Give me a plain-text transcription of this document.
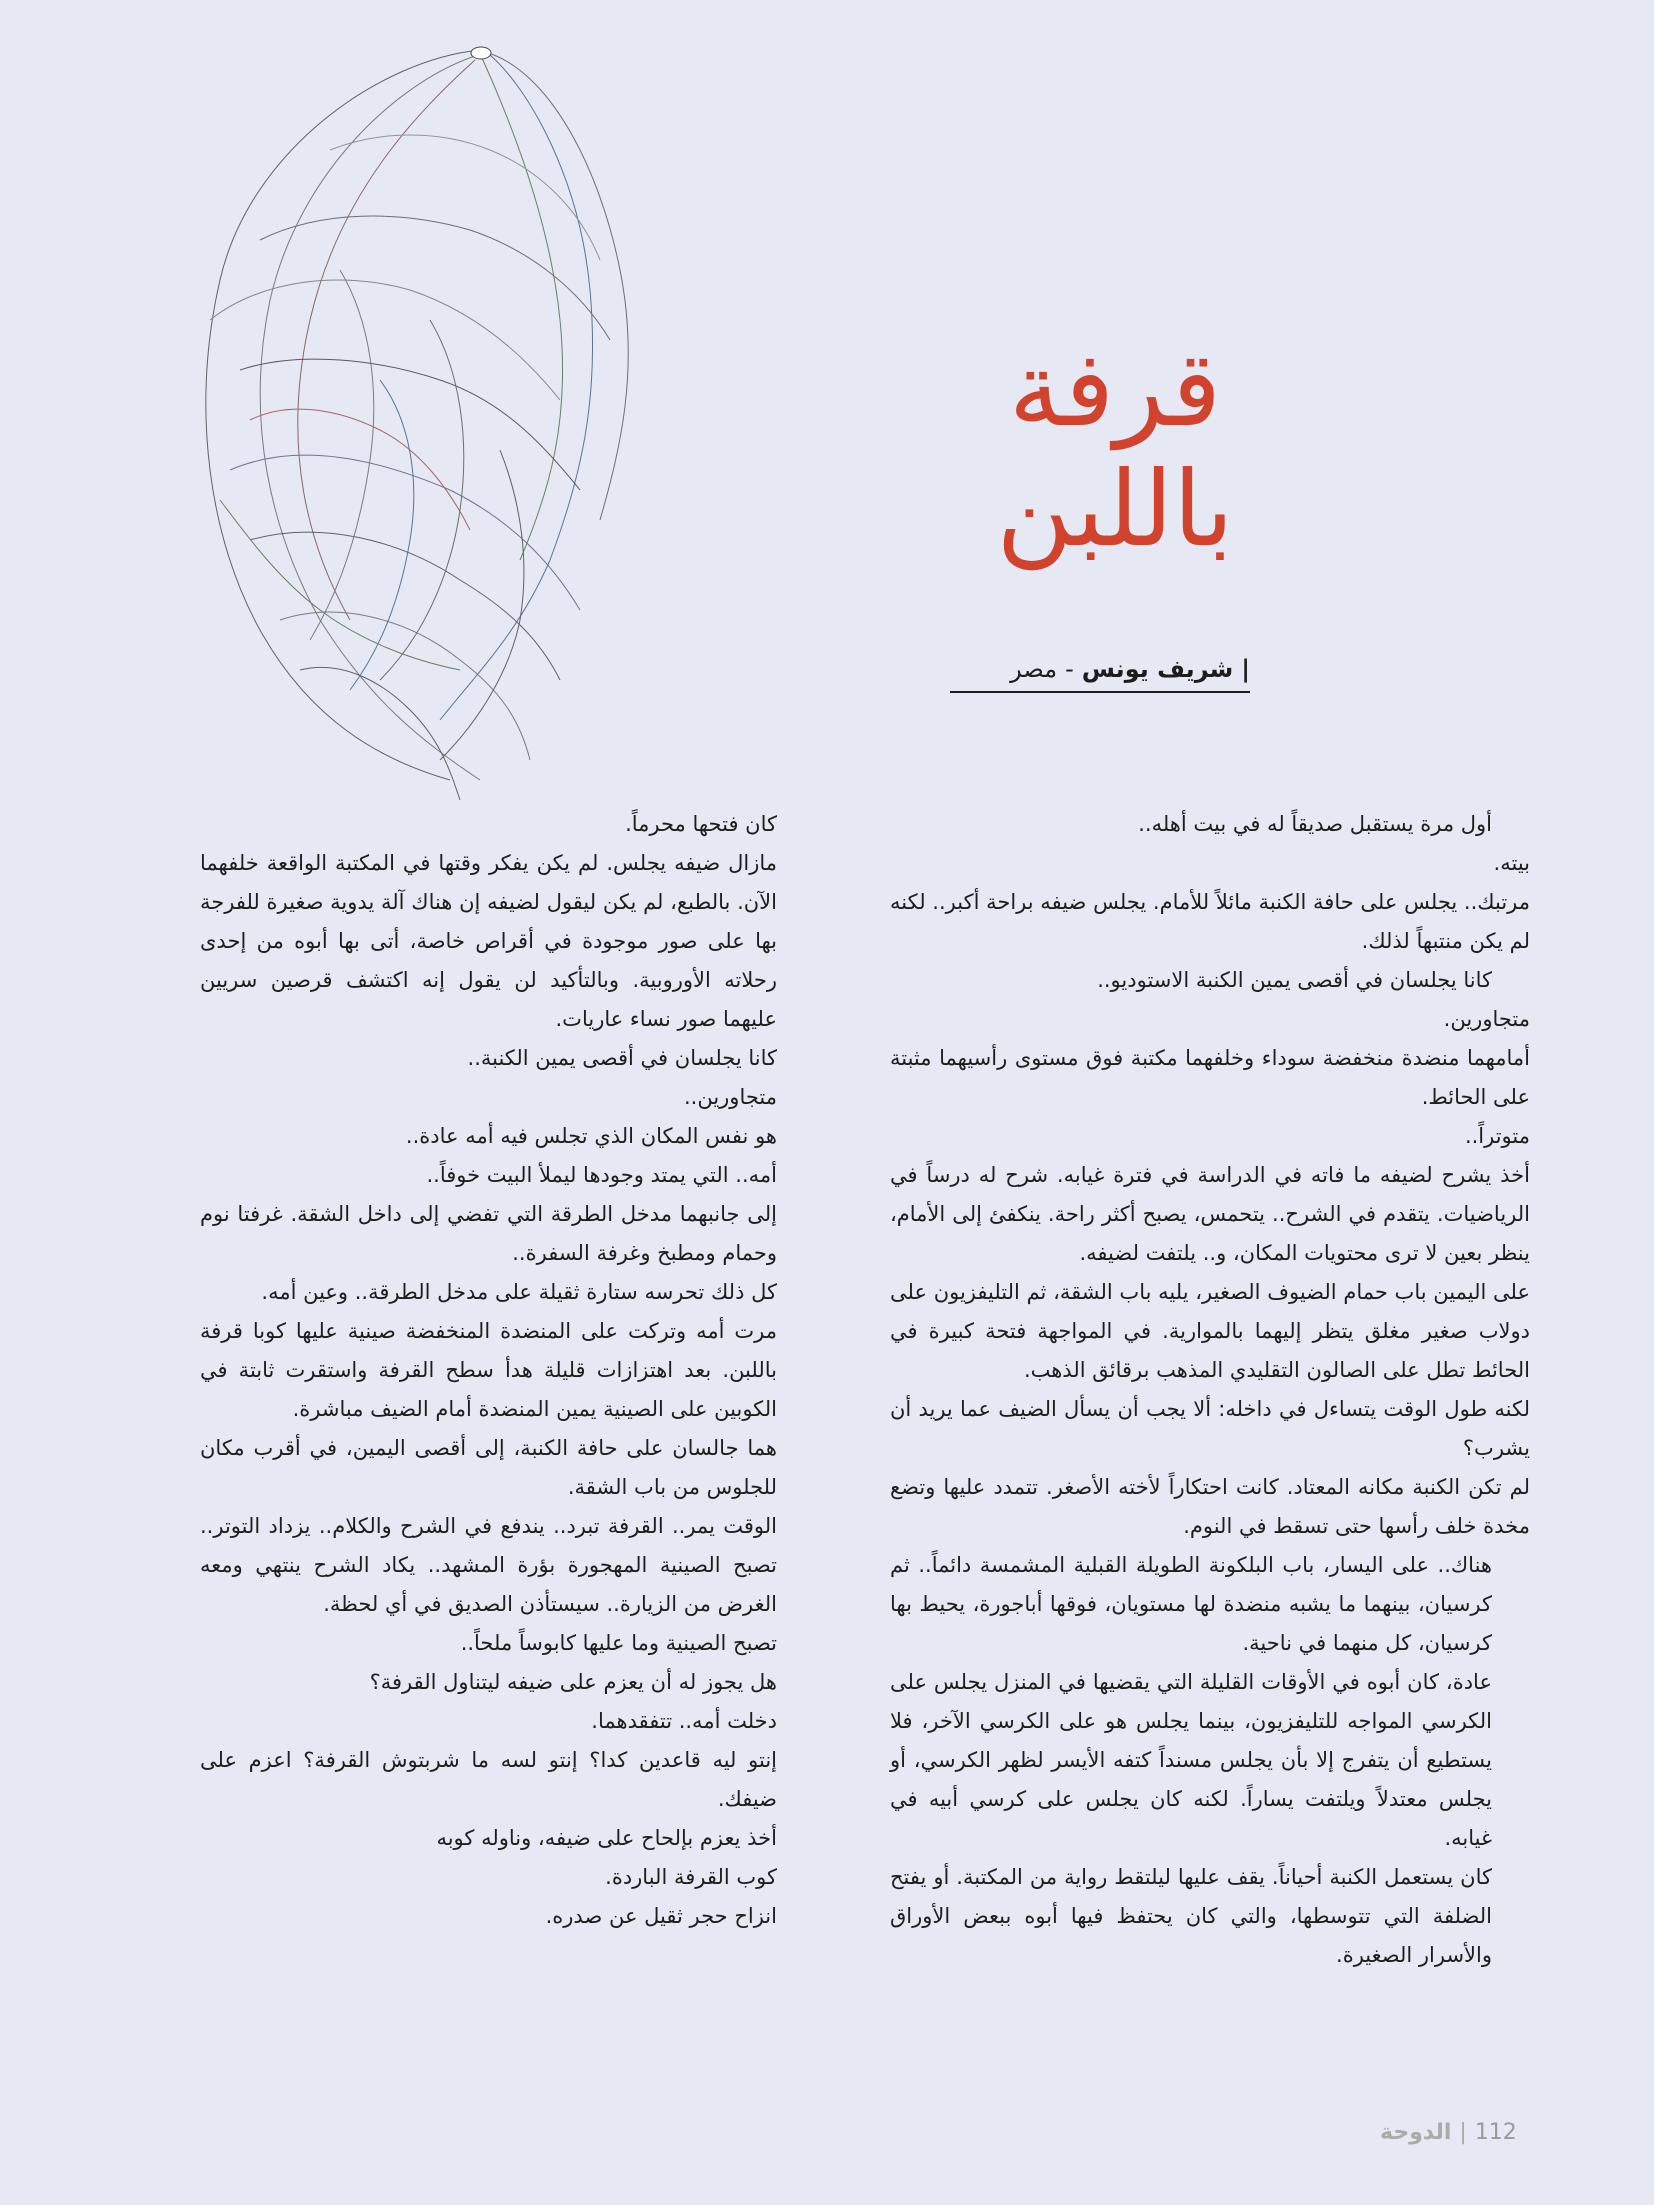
قرفة باللبن
|شريف يونس-مصر

أول مرة يستقبل صديقاً له في بيت أهله..

بيته.

مرتبك.. يجلس على حافة الكنبة مائلاً للأمام. يجلس ضيفه براحة أكبر.. لكنه لم يكن منتبهاً لذلك.

كانا يجلسان في أقصى يمين الكنبة الاستوديو..

متجاورين.

أمامهما منضدة منخفضة سوداء وخلفهما مكتبة فوق مستوى رأسيهما مثبتة على الحائط.

متوتراً..

أخذ يشرح لضيفه ما فاته في الدراسة في فترة غيابه. شرح له درساً في الرياضيات. يتقدم في الشرح.. يتحمس، يصبح أكثر راحة. ينكفئ إلى الأمام، ينظر بعين لا ترى محتويات المكان، و.. يلتفت لضيفه.

على اليمين باب حمام الضيوف الصغير، يليه باب الشقة، ثم التليفزيون على دولاب صغير مغلق يتظر إليهما بالموارية. في المواجهة فتحة كبيرة في الحائط تطل على الصالون التقليدي المذهب برقائق الذهب.

لكنه طول الوقت يتساءل في داخله: ألا يجب أن يسأل الضيف عما يريد أن يشرب؟

لم تكن الكنبة مكانه المعتاد. كانت احتكاراً لأخته الأصغر. تتمدد عليها وتضع مخدة خلف رأسها حتى تسقط في النوم.

هناك.. على اليسار، باب البلكونة الطويلة القبلية المشمسة دائماً.. ثم كرسيان، بينهما ما يشبه منضدة لها مستويان، فوقها أباجورة، يحيط بها كرسيان، كل منهما في ناحية.

عادة، كان أبوه في الأوقات القليلة التي يقضيها في المنزل يجلس على الكرسي المواجه للتليفزيون، بينما يجلس هو على الكرسي الآخر، فلا يستطيع أن يتفرج إلا بأن يجلس مسنداً كتفه الأيسر لظهر الكرسي، أو يجلس معتدلاً ويلتفت يساراً. لكنه كان يجلس على كرسي أبيه في غيابه.

كان يستعمل الكنبة أحياناً. يقف عليها ليلتقط رواية من المكتبة. أو يفتح الضلفة التي تتوسطها، والتي كان يحتفظ فيها أبوه ببعض الأوراق والأسرار الصغيرة.

كان فتحها محرماً.

مازال ضيفه يجلس. لم يكن يفكر وقتها في المكتبة الواقعة خلفهما الآن. بالطبع، لم يكن ليقول لضيفه إن هناك آلة يدوية صغيرة للفرجة بها على صور موجودة في أقراص خاصة، أتى بها أبوه من إحدى رحلاته الأوروبية. وبالتأكيد لن يقول إنه اكتشف قرصين سريين عليهما صور نساء عاريات.

كانا يجلسان في أقصى يمين الكنبة..

متجاورين..

هو نفس المكان الذي تجلس فيه أمه عادة..

أمه.. التي يمتد وجودها ليملأ البيت خوفاً..

إلى جانبهما مدخل الطرقة التي تفضي إلى داخل الشقة. غرفتا نوم وحمام ومطبخ وغرفة السفرة..

كل ذلك تحرسه ستارة ثقيلة على مدخل الطرقة.. وعين أمه.

مرت أمه وتركت على المنضدة المنخفضة صينية عليها كوبا قرفة باللبن. بعد اهتزازات قليلة هدأ سطح القرفة واستقرت ثابتة في الكوبين على الصينية يمين المنضدة أمام الضيف مباشرة.

هما جالسان على حافة الكنبة، إلى أقصى اليمين، في أقرب مكان للجلوس من باب الشقة.

الوقت يمر.. القرفة تبرد.. يندفع في الشرح والكلام.. يزداد التوتر.. تصبح الصينية المهجورة بؤرة المشهد.. يكاد الشرح ينتهي ومعه الغرض من الزيارة.. سيستأذن الصديق في أي لحظة.

تصبح الصينية وما عليها كابوساً ملحاً..

هل يجوز له أن يعزم على ضيفه ليتناول القرفة؟

دخلت أمه.. تتفقدهما.

إنتو ليه قاعدين كدا؟ إنتو لسه ما شربتوش القرفة؟ اعزم على ضيفك.

أخذ يعزم بإلحاح على ضيفه، وناوله كوبه

كوب القرفة الباردة.

انزاح حجر ثقيل عن صدره.

الدوحة | 112
